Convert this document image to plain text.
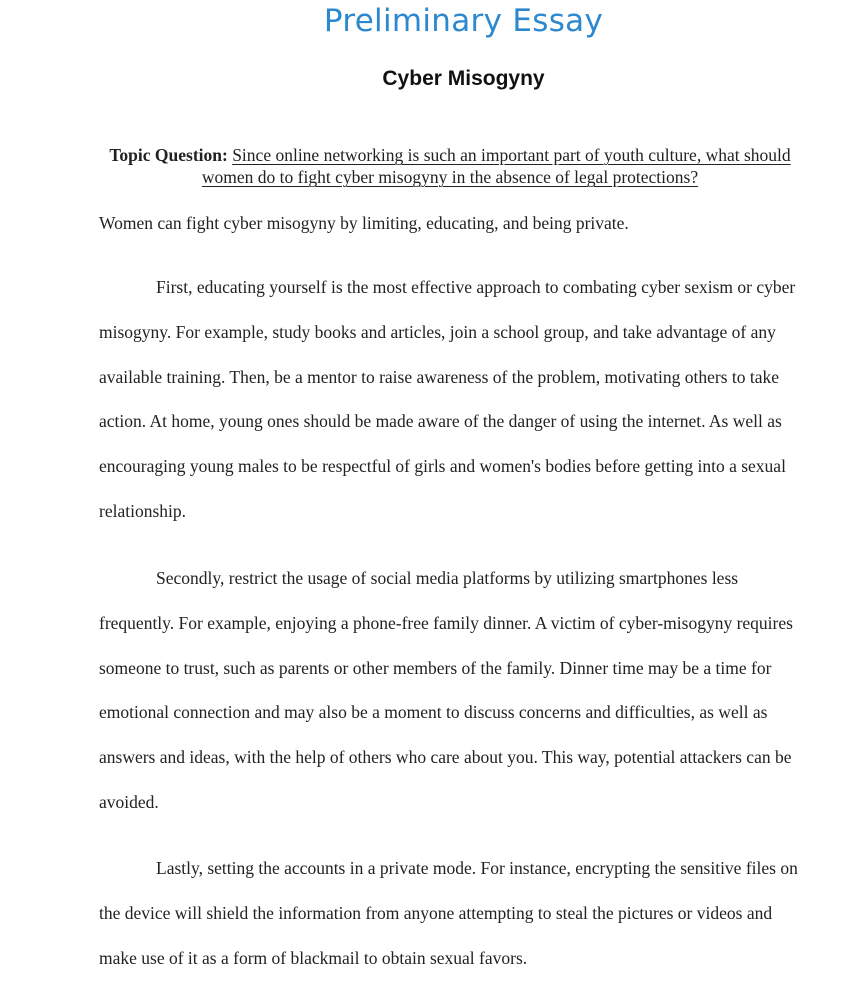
Preliminary Essay
Cyber Misogyny

Topic Question: Since online networking is such an important part of youth culture, what should women do to fight cyber misogyny in the absence of legal protections?

Women can fight cyber misogyny by limiting, educating, and being private.

First, educating yourself is the most effective approach to combating cyber sexism or cyber misogyny. For example, study books and articles, join a school group, and take advantage of any available training. Then, be a mentor to raise awareness of the problem, motivating others to take action. At home, young ones should be made aware of the danger of using the internet. As well as encouraging young males to be respectful of girls and women's bodies before getting into a sexual relationship.

Secondly, restrict the usage of social media platforms by utilizing smartphones less frequently. For example, enjoying a phone-free family dinner. A victim of cyber-misogyny requires someone to trust, such as parents or other members of the family. Dinner time may be a time for emotional connection and may also be a moment to discuss concerns and difficulties, as well as answers and ideas, with the help of others who care about you. This way, potential attackers can be avoided.

Lastly, setting the accounts in a private mode. For instance, encrypting the sensitive files on the device will shield the information from anyone attempting to steal the pictures or videos and make use of it as a form of blackmail to obtain sexual favors.
